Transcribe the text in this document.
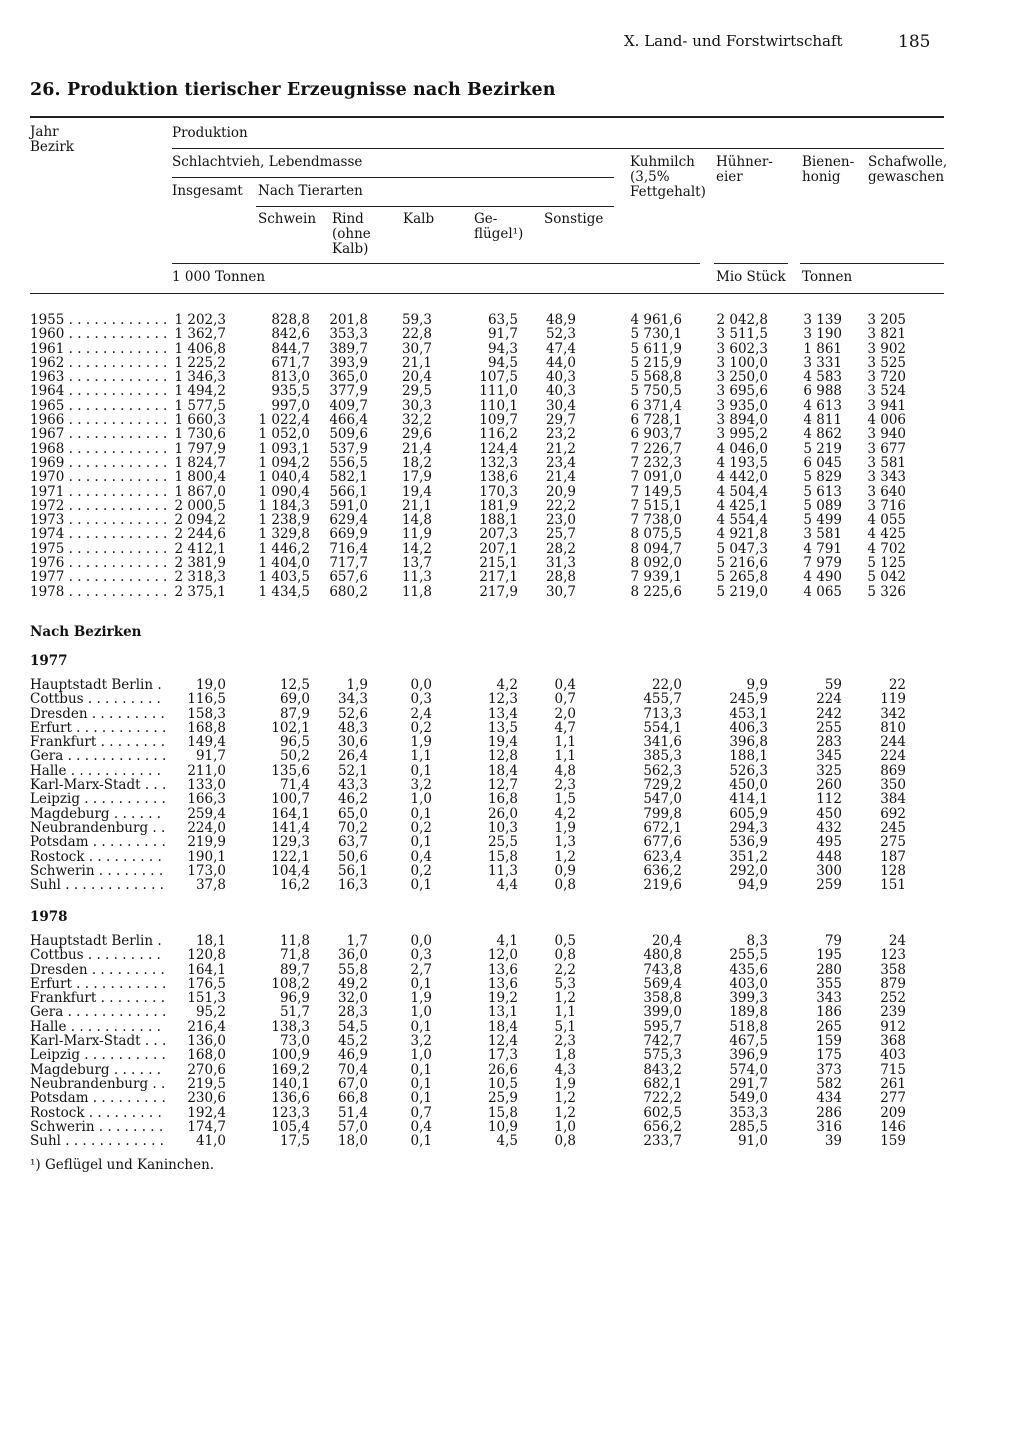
X. Land- und Forstwirtschaft	185
26. Produktion tierischer Erzeugnisse nach Bezirken
Jahr
Bezirk
Produktion
Schlachtvieh, Lebendmasse
Insgesamt Nach Tierarten
Schwein Rind
(ohne
Kalb)
Kalb	Ge-
flügel¹)
Sonstige
Kuhmilch
(3,5%
Fettgehalt)
Hühner-
eier
Bienen-
honig
Schafwolle,
gewaschen
1 000 Tonnen	Mio Stück Tonnen
1955 . . .	1 202,3	828,8	201,8	59,3	63,5	48,9	4 961,6	2 042,8	3 139	3 205
1960 . . .	1 362,7	842,6	353,3	22,8	91,7	52,3	5 730,1	3 511,5	3 190	3 821
1961 . . .	1 406,8	844,7	389,7	30,7	94,3	47,4	5 611,9	3 602,3	1 861	3 902
1962 . . .	1 225,2	671,7	393,9	21,1	94,5	44,0	5 215,9	3 100,0	3 331	3 525
1963 . . .	1 346,3	813,0	365,0	20,4	107,5	40,3	5 568,8	3 250,0	4 583	3 720
1964 . . .	1 494,2	935,5	377,9	29,5	111,0	40,3	5 750,5	3 695,6	6 988	3 524
1965 . . .	1 577,5	997,0	409,7	30,3	110,1	30,4	6 371,4	3 935,0	4 613	3 941
1966 . . .	1 660,3	1 022,4	466,4	32,2	109,7	29,7	6 728,1	3 894,0	4 811	4 006
1967 . . .	1 730,6	1 052,0	509,6	29,6	116,2	23,2	6 903,7	3 995,2	4 862	3 940
1968 . . .	1 797,9	1 093,1	537,9	21,4	124,4	21,2	7 226,7	4 046,0	5 219	3 677
1969 . . .	1 824,7	1 094,2	556,5	18,2	132,3	23,4	7 232,3	4 193,5	6 045	3 581
1970 . . .	1 800,4	1 040,4	582,1	17,9	138,6	21,4	7 091,0	4 442,0	5 829	3 343
1971 . . .	1 867,0	1 090,4	566,1	19,4	170,3	20,9	7 149,5	4 504,4	5 613	3 640
1972 . . .	2 000,5	1 184,3	591,0	21,1	181,9	22,2	7 515,1	4 425,1	5 089	3 716
1973 . . .	2 094,2	1 238,9	629,4	14,8	188,1	23,0	7 738,0	4 554,4	5 499	4 055
1974 . . .	2 244,6	1 329,8	669,9	11,9	207,3	25,7	8 075,5	4 921,8	3 581	4 425
1975 . . .	2 412,1	1 446,2	716,4	14,2	207,1	28,2	8 094,7	5 047,3	4 791	4 702
1976 . . .	2 381,9	1 404,0	717,7	13,7	215,1	31,3	8 092,0	5 216,6	7 979	5 125
1977 . . .	2 318,3	1 403,5	657,6	11,3	217,1	28,8	7 939,1	5 265,8	4 490	5 042
1978 . . .	2 375,1	1 434,5	680,2	11,8	217,9	30,7	8 225,6	5 219,0	4 065	5 326
Nach Bezirken
1977
Hauptstadt Berlin . . .	19,0	12,5	1,9	0,0	4,2	0,4	22,0	9,9	59	22
Cottbus . . .	116,5	69,0	34,3	0,3	12,3	0,7	455,7	245,9	224	119
Dresden . . .	158,3	87,9	52,6	2,4	13,4	2,0	713,3	453,1	242	342
Erfurt . . .	168,8	102,1	48,3	0,2	13,5	4,7	554,1	406,3	255	810
Frankfurt . . .	149,4	96,5	30,6	1,9	19,4	1,1	341,6	396,8	283	244
Gera . . .	91,7	50,2	26,4	1,1	12,8	1,1	385,3	188,1	345	224
Halle . . .	211,0	135,6	52,1	0,1	18,4	4,8	562,3	526,3	325	869
Karl-Marx-Stadt . . .	133,0	71,4	43,3	3,2	12,7	2,3	729,2	450,0	260	350
Leipzig . . .	166,3	100,7	46,2	1,0	16,8	1,5	547,0	414,1	112	384
Magdeburg . . .	259,4	164,1	65,0	0,1	26,0	4,2	799,8	605,9	450	692
Neubrandenburg . . .	224,0	141,4	70,2	0,2	10,3	1,9	672,1	294,3	432	245
Potsdam . . .	219,9	129,3	63,7	0,1	25,5	1,3	677,6	536,9	495	275
Rostock . . .	190,1	122,1	50,6	0,4	15,8	1,2	623,4	351,2	448	187
Schwerin . . .	173,0	104,4	56,1	0,2	11,3	0,9	636,2	292,0	300	128
Suhl . . .	37,8	16,2	16,3	0,1	4,4	0,8	219,6	94,9	259	151
1978
Hauptstadt Berlin . . .	18,1	11,8	1,7	0,0	4,1	0,5	20,4	8,3	79	24
Cottbus . . .	120,8	71,8	36,0	0,3	12,0	0,8	480,8	255,5	195	123
Dresden . . .	164,1	89,7	55,8	2,7	13,6	2,2	743,8	435,6	280	358
Erfurt . . .	176,5	108,2	49,2	0,1	13,6	5,3	569,4	403,0	355	879
Frankfurt . . .	151,3	96,9	32,0	1,9	19,2	1,2	358,8	399,3	343	252
Gera . . .	95,2	51,7	28,3	1,0	13,1	1,1	399,0	189,8	186	239
Halle . . .	216,4	138,3	54,5	0,1	18,4	5,1	595,7	518,8	265	912
Karl-Marx-Stadt . . .	136,0	73,0	45,2	3,2	12,4	2,3	742,7	467,5	159	368
Leipzig . . .	168,0	100,9	46,9	1,0	17,3	1,8	575,3	396,9	175	403
Magdeburg . . .	270,6	169,2	70,4	0,1	26,6	4,3	843,2	574,0	373	715
Neubrandenburg . . .	219,5	140,1	67,0	0,1	10,5	1,9	682,1	291,7	582	261
Potsdam . . .	230,6	136,6	66,8	0,1	25,9	1,2	722,2	549,0	434	277
Rostock . . .	192,4	123,3	51,4	0,7	15,8	1,2	602,5	353,3	286	209
Schwerin . . .	174,7	105,4	57,0	0,4	10,9	1,0	656,2	285,5	316	146
Suhl . . .	41,0	17,5	18,0	0,1	4,5	0,8	233,7	91,0	39	159
¹) Geflügel und Kaninchen.
